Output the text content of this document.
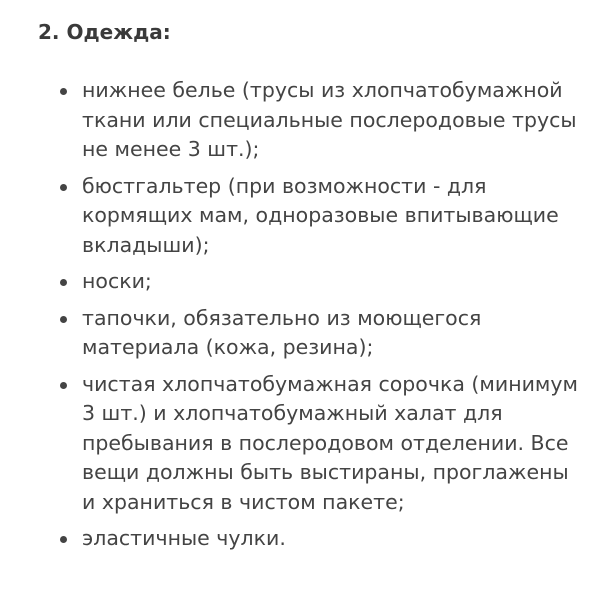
2. Одежда:
нижнее белье (трусы из хлопчатобумажной ткани или специальные послеродовые трусы не менее 3 шт.);
бюстгальтер (при возможности - для кормящих мам, одноразовые впитывающие вкладыши);
носки;
тапочки, обязательно из моющегося материала (кожа, резина);
чистая хлопчатобумажная сорочка (минимум 3 шт.) и хлопчатобумажный халат для пребывания в послеродовом отделении. Все вещи должны быть выстираны, проглажены и храниться в чистом пакете;
эластичные чулки.
